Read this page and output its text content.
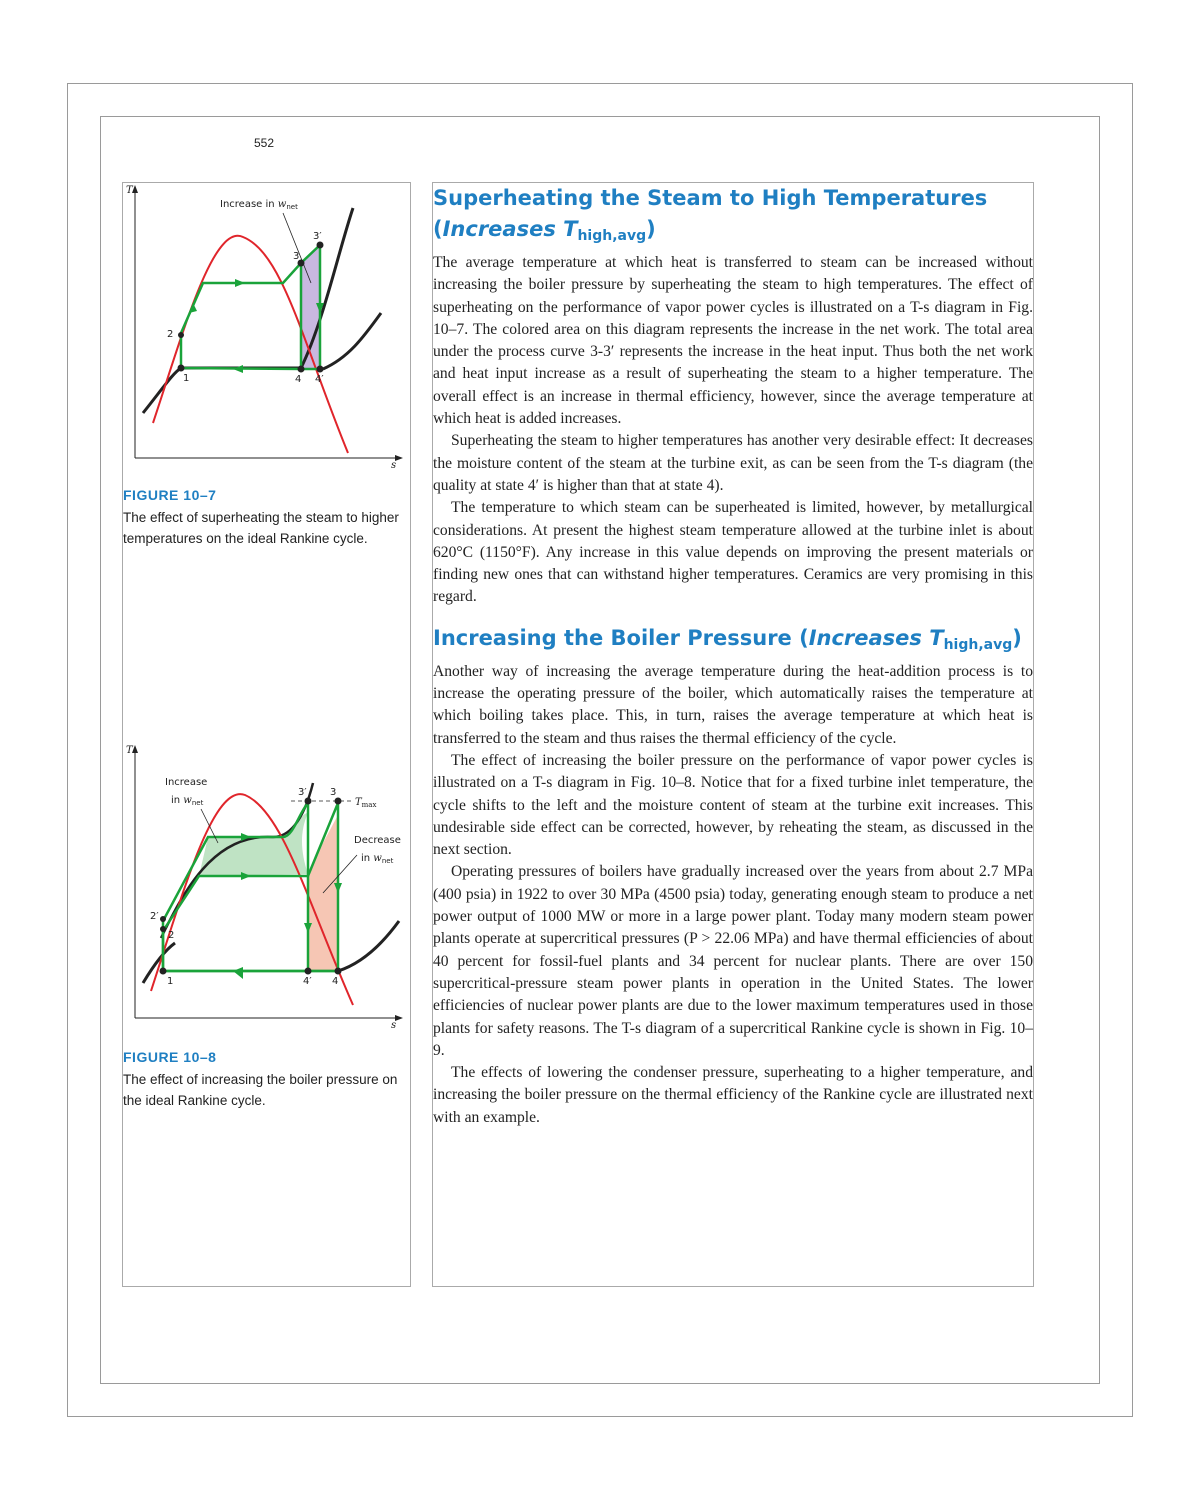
552
T
s
1
2
3
3′
4 4′
Increase in $w_{net}$
FIGURE 10–7
The effect of superheating the steam to higher temperatures on the ideal Rankine cycle.
T
s
1
2
2′
3
3′
4
4′
$T_{max}$
Increase
in $w_{net}$
Decrease
in $w_{net}$
FIGURE 10–8
The effect of increasing the boiler pressure on the ideal Rankine cycle.
Superheating the Steam to High Temperatures
(Increases $T_{high,avg}$)

The average temperature at which heat is transferred to steam can be increased without increasing the boiler pressure by superheating the steam to high temperatures. The effect of superheating on the performance of vapor power cycles is illustrated on a T-s diagram in Fig. 10–7. The colored area on this diagram represents the increase in the net work. The total area under the process curve 3-3′ represents the increase in the heat input. Thus both the net work and heat input increase as a result of superheating the steam to a higher temperature. The overall effect is an increase in thermal efficiency, however, since the average temperature at which heat is added increases.

Superheating the steam to higher temperatures has another very desirable effect: It decreases the moisture content of the steam at the turbine exit, as can be seen from the T-s diagram (the quality at state 4′ is higher than that at state 4).

The temperature to which steam can be superheated is limited, however, by metallurgical considerations. At present the highest steam temperature allowed at the turbine inlet is about 620°C (1150°F). Any increase in this value depends on improving the present materials or finding new ones that can withstand higher temperatures. Ceramics are very promising in this regard.

Increasing the Boiler Pressure (Increases $T_{high,avg}$)

Another way of increasing the average temperature during the heat-addition process is to increase the operating pressure of the boiler, which automatically raises the temperature at which boiling takes place. This, in turn, raises the average temperature at which heat is transferred to the steam and thus raises the thermal efficiency of the cycle.

The effect of increasing the boiler pressure on the performance of vapor power cycles is illustrated on a T-s diagram in Fig. 10–8. Notice that for a fixed turbine inlet temperature, the cycle shifts to the left and the moisture content of steam at the turbine exit increases. This undesirable side effect can be corrected, however, by reheating the steam, as discussed in the next section.

Operating pressures of boilers have gradually increased over the years from about 2.7 MPa (400 psia) in 1922 to over 30 MPa (4500 psia) today, generating enough steam to produce a net power output of 1000 MW or more in a large power plant. Today many modern steam power plants operate at supercritical pressures (P > 22.06 MPa) and have thermal efficiencies of about 40 percent for fossil-fuel plants and 34 percent for nuclear plants. There are over 150 supercritical-pressure steam power plants in operation in the United States. The lower efficiencies of nuclear power plants are due to the lower maximum temperatures used in those plants for safety reasons. The T-s diagram of a supercritical Rankine cycle is shown in Fig. 10–9.

The effects of lowering the condenser pressure, superheating to a higher temperature, and increasing the boiler pressure on the thermal efficiency of the Rankine cycle are illustrated next with an example.
